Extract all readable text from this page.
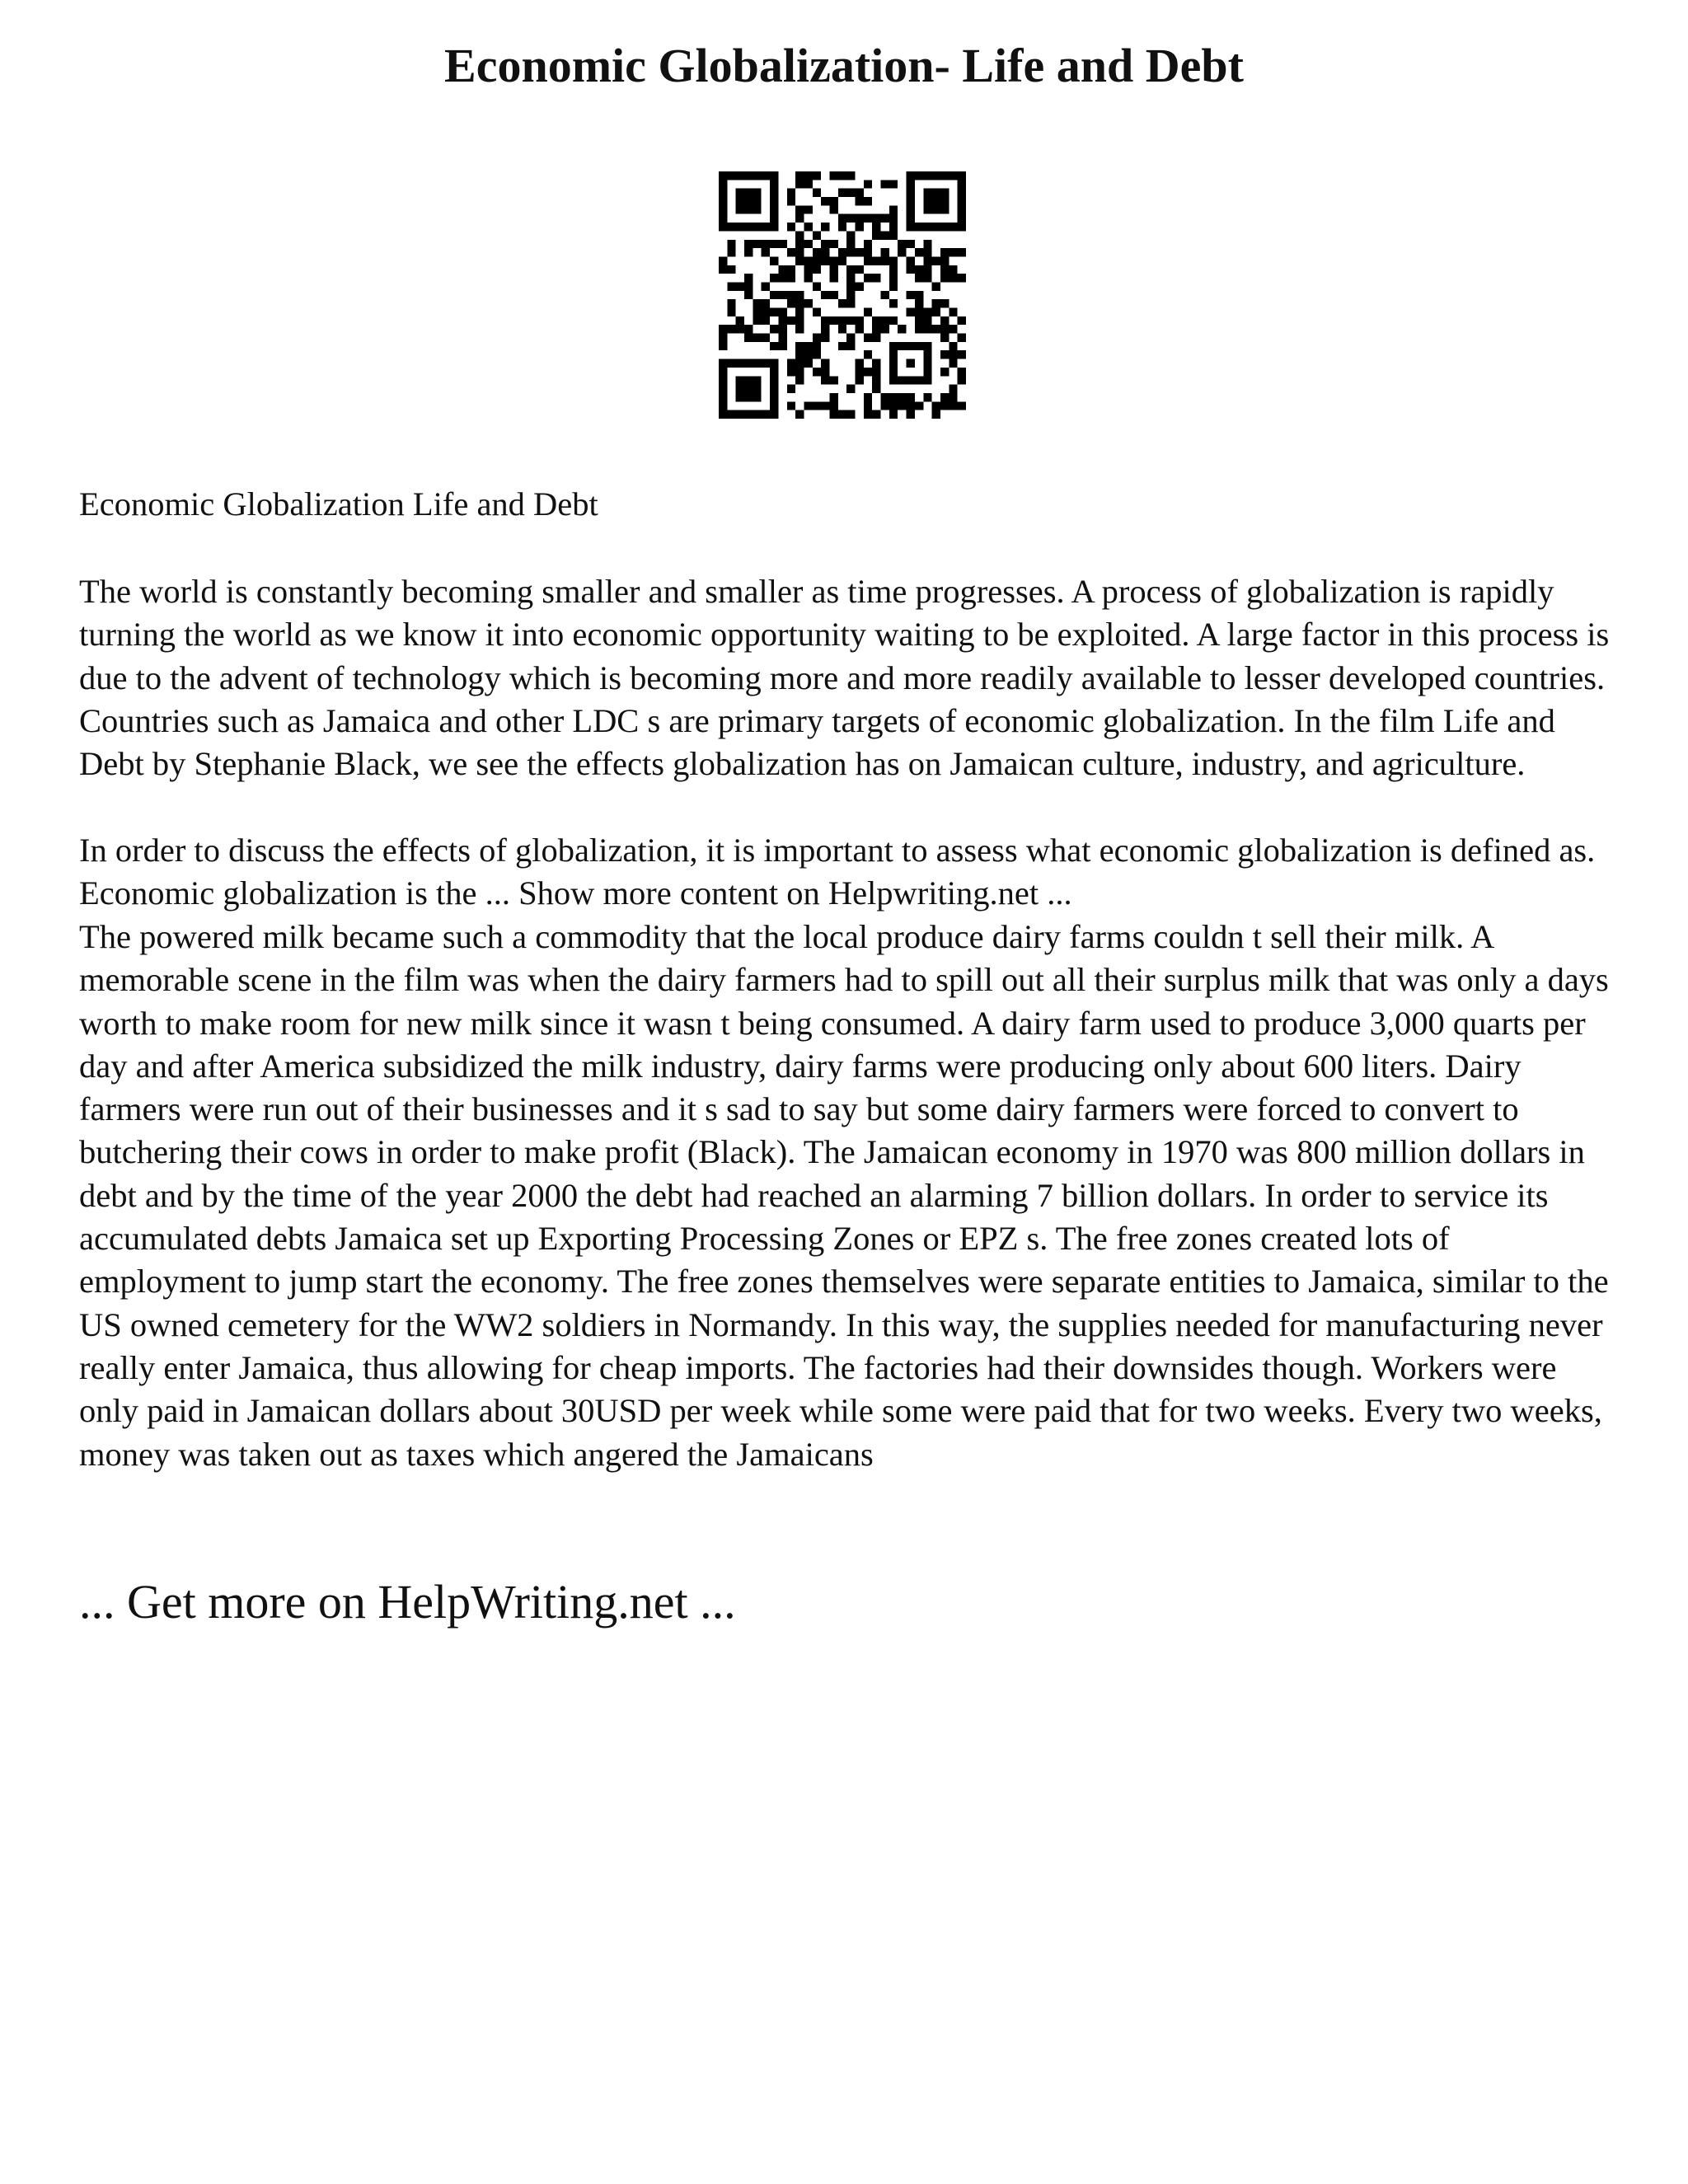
Economic Globalization- Life and Debt

Economic Globalization Life and Debt

The world is constantly becoming smaller and smaller as time progresses. A process of globalization is rapidly turning the world as we know it into economic opportunity waiting to be exploited. A large factor in this process is due to the advent of technology which is becoming more and more readily available to lesser developed countries. Countries such as Jamaica and other LDC s are primary targets of economic globalization. In the film Life and Debt by Stephanie Black, we see the effects globalization has on Jamaican culture, industry, and agriculture.

In order to discuss the effects of globalization, it is important to assess what economic globalization is defined as. Economic globalization is the ... Show more content on Helpwriting.net ...

The powered milk became such a commodity that the local produce dairy farms couldn t sell their milk. A memorable scene in the film was when the dairy farmers had to spill out all their surplus milk that was only a days worth to make room for new milk since it wasn t being consumed. A dairy farm used to produce 3,000 quarts per day and after America subsidized the milk industry, dairy farms were producing only about 600 liters. Dairy farmers were run out of their businesses and it s sad to say but some dairy farmers were forced to convert to butchering their cows in order to make profit (Black). The Jamaican economy in 1970 was 800 million dollars in debt and by the time of the year 2000 the debt had reached an alarming 7 billion dollars. In order to service its accumulated debts Jamaica set up Exporting Processing Zones or EPZ s. The free zones created lots of employment to jump start the economy. The free zones themselves were separate entities to Jamaica, similar to the US owned cemetery for the WW2 soldiers in Normandy. In this way, the supplies needed for manufacturing never really enter Jamaica, thus allowing for cheap imports. The factories had their downsides though. Workers were only paid in Jamaican dollars about 30USD per week while some were paid that for two weeks. Every two weeks, money was taken out as taxes which angered the Jamaicans

... Get more on HelpWriting.net ...
